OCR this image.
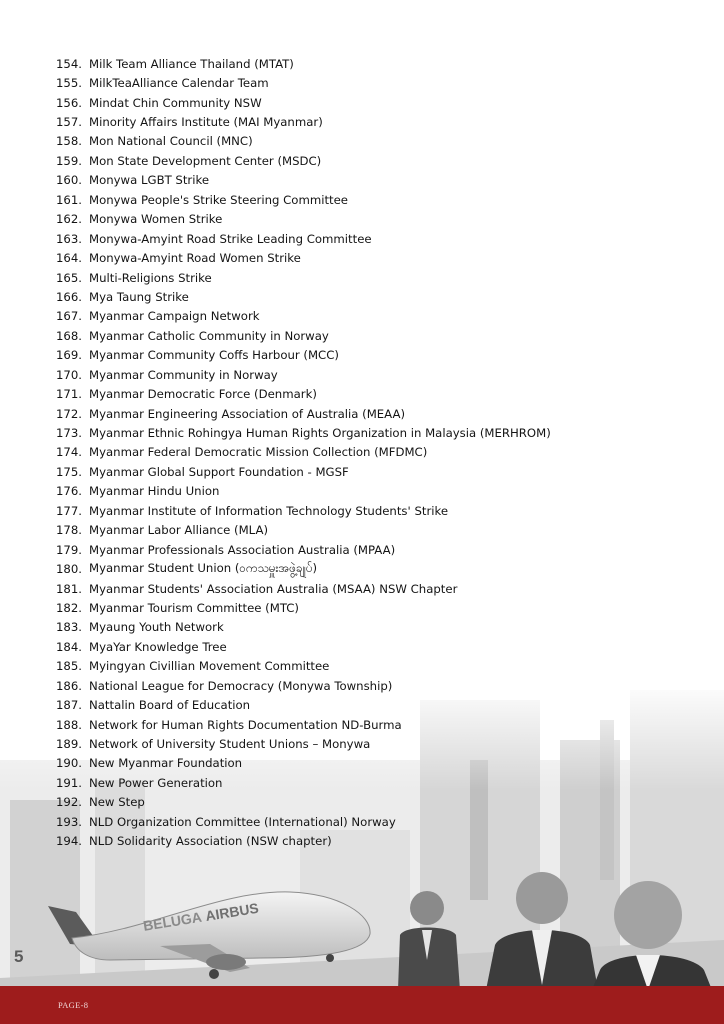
BELUGA AIRBUS
5
154. Milk Team Alliance Thailand (MTAT)
155. MilkTeaAlliance Calendar Team
156. Mindat Chin Community NSW
157. Minority Affairs Institute (MAI Myanmar)
158. Mon National Council (MNC)
159. Mon State Development Center (MSDC)
160. Monywa LGBT Strike
161. Monywa People's Strike Steering Committee
162. Monywa Women Strike
163. Monywa-Amyint Road Strike Leading Committee
164. Monywa-Amyint Road Women Strike
165. Multi-Religions Strike
166. Mya Taung Strike
167. Myanmar Campaign Network
168. Myanmar Catholic Community in Norway
169. Myanmar Community Coffs Harbour (MCC)
170. Myanmar Community in Norway
171. Myanmar Democratic Force (Denmark)
172. Myanmar Engineering Association of Australia (MEAA)
173. Myanmar Ethnic Rohingya Human Rights Organization in Malaysia (MERHROM)
174. Myanmar Federal Democratic Mission Collection (MFDMC)
175. Myanmar Global Support Foundation - MGSF
176. Myanmar Hindu Union
177. Myanmar Institute of Information Technology Students' Strike
178. Myanmar Labor Alliance (MLA)
179. Myanmar Professionals Association Australia (MPAA)
180. Myanmar Student Union (ဝကသမှူးအဖွဲ့ချုပ်)
181. Myanmar Students' Association Australia (MSAA) NSW Chapter
182. Myanmar Tourism Committee (MTC)
183. Myaung Youth Network
184. MyaYar Knowledge Tree
185. Myingyan Civillian Movement Committee
186. National League for Democracy (Monywa Township)
187. Nattalin Board of Education
188. Network for Human Rights Documentation ND-Burma
189. Network of University Student Unions – Monywa
190. New Myanmar Foundation
191. New Power Generation
192. New Step
193. NLD Organization Committee (International) Norway
194. NLD Solidarity Association (NSW chapter)
PAGE-8
